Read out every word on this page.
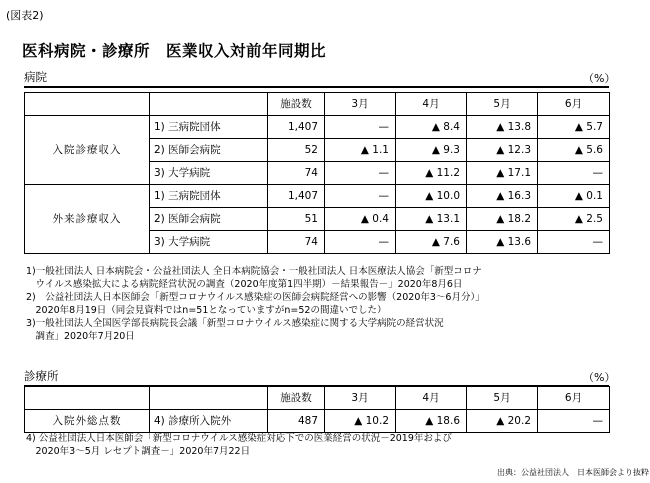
(図表2)
医科病院・診療所　医業収入対前年同期比
病院	（%）
		施設数	3月	4月	5月	6月
入院診療収入	1) 三病院団体	1,407	—	▲ 8.4	▲ 13.8	▲ 5.7
	2) 医師会病院	52	▲ 1.1	▲ 9.3	▲ 12.3	▲ 5.6
	3) 大学病院	74	—	▲ 11.2	▲ 17.1	—
外来診療収入	1) 三病院団体	1,407	—	▲ 10.0	▲ 16.3	▲ 0.1
	2) 医師会病院	51	▲ 0.4	▲ 13.1	▲ 18.2	▲ 2.5
	3) 大学病院	74	—	▲ 7.6	▲ 13.6	—
1)一般社団法人 日本病院会・公益社団法人 全日本病院協会・一般社団法人 日本医療法人協会「新型コロナ
　ウイルス感染拡大による病院経営状況の調査（2020年度第1四半期）－結果報告－」2020年8月6日
2)　公益社団法人日本医師会「新型コロナウイルス感染症の医師会病院経営への影響（2020年3～6月分）」
　2020年8月19日（同会見資料ではn=51となっていますがn=52の間違いでした）
3)一般社団法人全国医学部長病院長会議「新型コロナウイルス感染症に関する大学病院の経営状況
　調査」2020年7月20日
診療所	（%）
		施設数	3月	4月	5月	6月
入院外総点数	4) 診療所入院外	487	▲ 10.2	▲ 18.6	▲ 20.2	—
4) 公益社団法人日本医師会「新型コロナウイルス感染症対応下での医業経営の状況－2019年および
　2020年3～5月 レセプト調査－」2020年7月22日
出典：公益社団法人　日本医師会より抜粋
